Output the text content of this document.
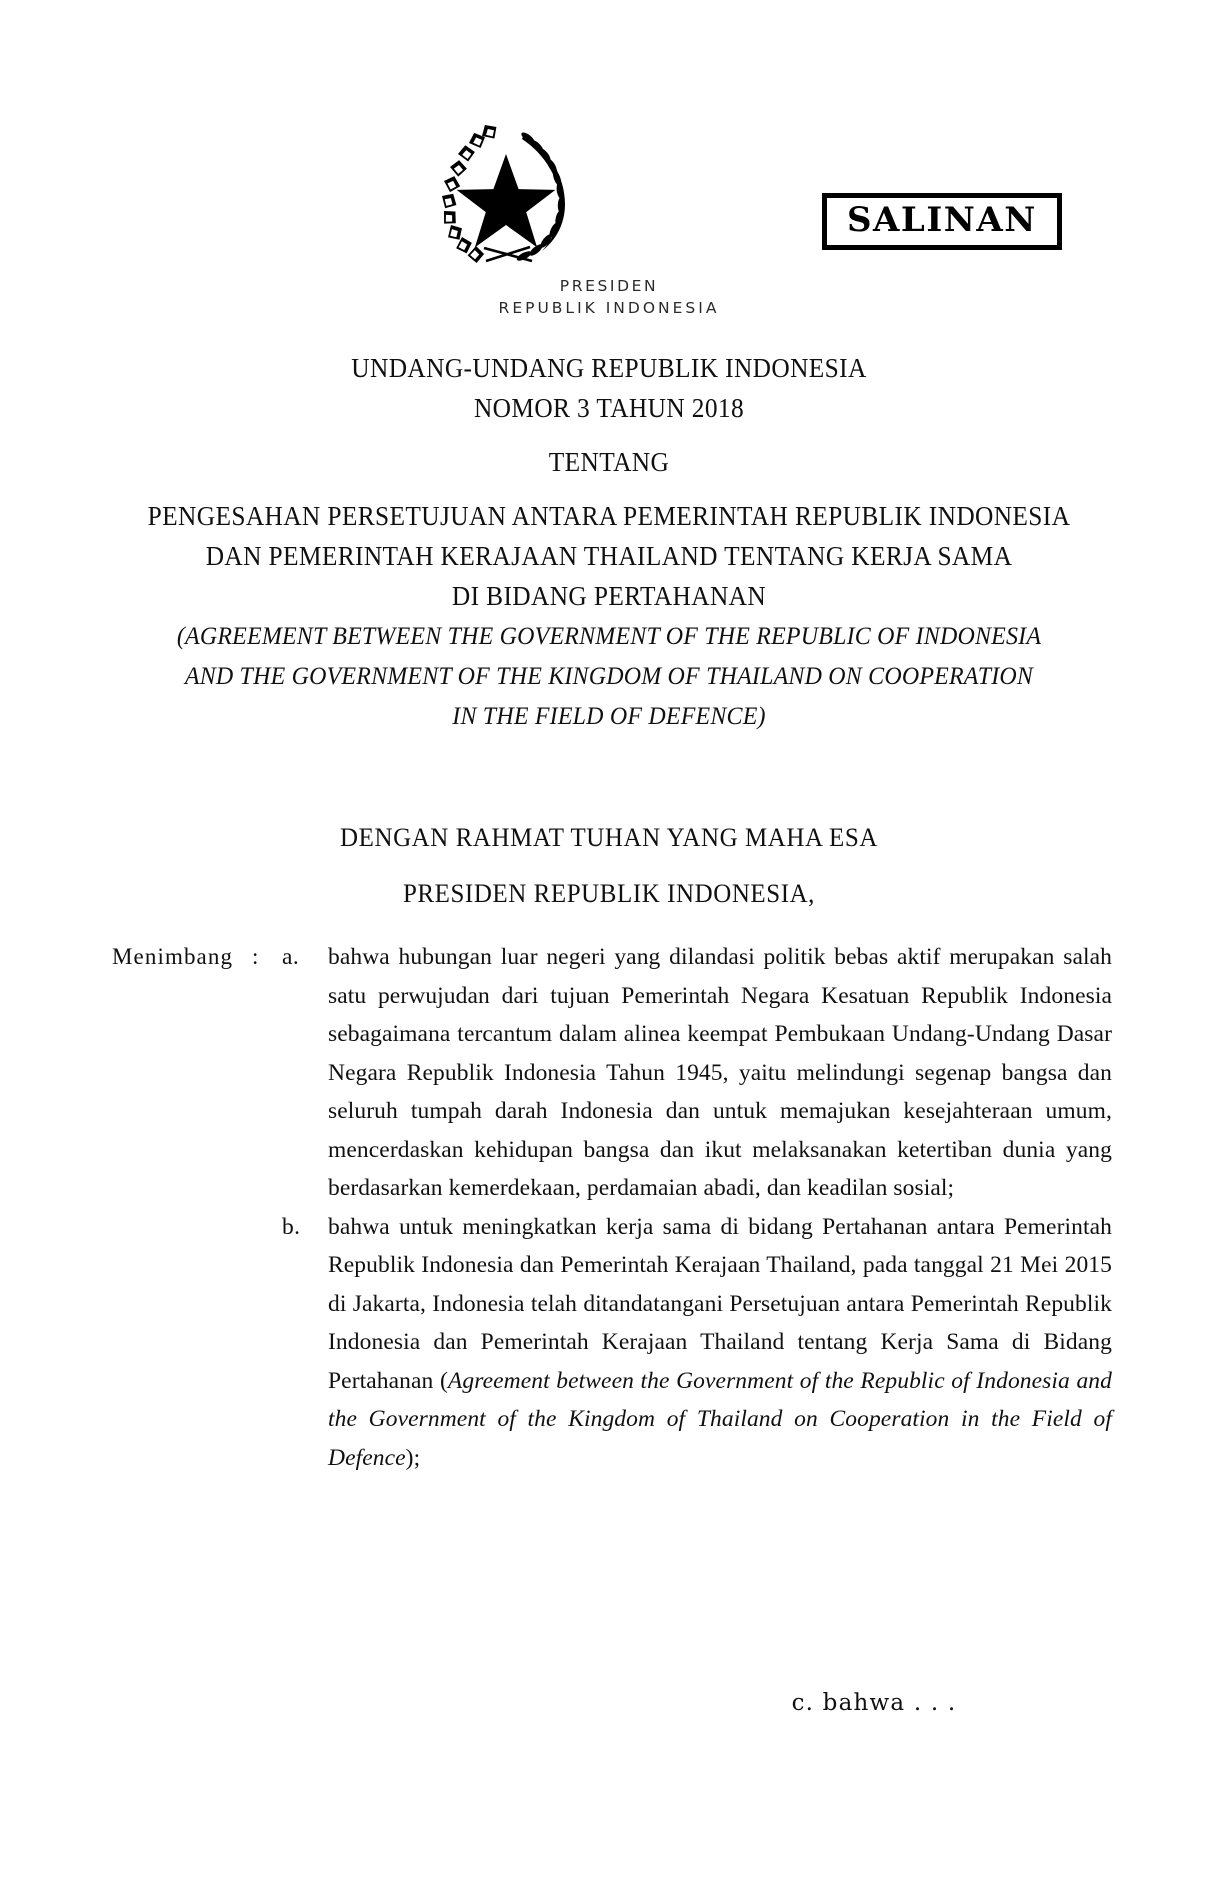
SALINAN
PRESIDEN
REPUBLIK INDONESIA
UNDANG-UNDANG REPUBLIK INDONESIA
NOMOR 3 TAHUN 2018
TENTANG
PENGESAHAN PERSETUJUAN ANTARA PEMERINTAH REPUBLIK INDONESIA
DAN PEMERINTAH KERAJAAN THAILAND TENTANG KERJA SAMA
DI BIDANG PERTAHANAN
(AGREEMENT BETWEEN THE GOVERNMENT OF THE REPUBLIC OF INDONESIA
AND THE GOVERNMENT OF THE KINGDOM OF THAILAND ON COOPERATION
IN THE FIELD OF DEFENCE)
DENGAN RAHMAT TUHAN YANG MAHA ESA
PRESIDEN REPUBLIK INDONESIA,
Menimbang :	a.	bahwa hubungan luar negeri yang dilandasi politik bebas aktif merupakan salah satu perwujudan dari tujuan Pemerintah Negara Kesatuan Republik Indonesia sebagaimana tercantum dalam alinea keempat Pembukaan Undang-Undang Dasar Negara Republik Indonesia Tahun 1945, yaitu melindungi segenap bangsa dan seluruh tumpah darah Indonesia dan untuk memajukan kesejahteraan umum, mencerdaskan kehidupan bangsa dan ikut melaksanakan ketertiban dunia yang berdasarkan kemerdekaan, perdamaian abadi, dan keadilan sosial;
b.	bahwa untuk meningkatkan kerja sama di bidang Pertahanan antara Pemerintah Republik Indonesia dan Pemerintah Kerajaan Thailand, pada tanggal 21 Mei 2015 di Jakarta, Indonesia telah ditandatangani Persetujuan antara Pemerintah Republik Indonesia dan Pemerintah Kerajaan Thailand tentang Kerja Sama di Bidang Pertahanan (Agreement between the Government of the Republic of Indonesia and the Government of the Kingdom of Thailand on Cooperation in the Field of Defence);
c. bahwa . . .
